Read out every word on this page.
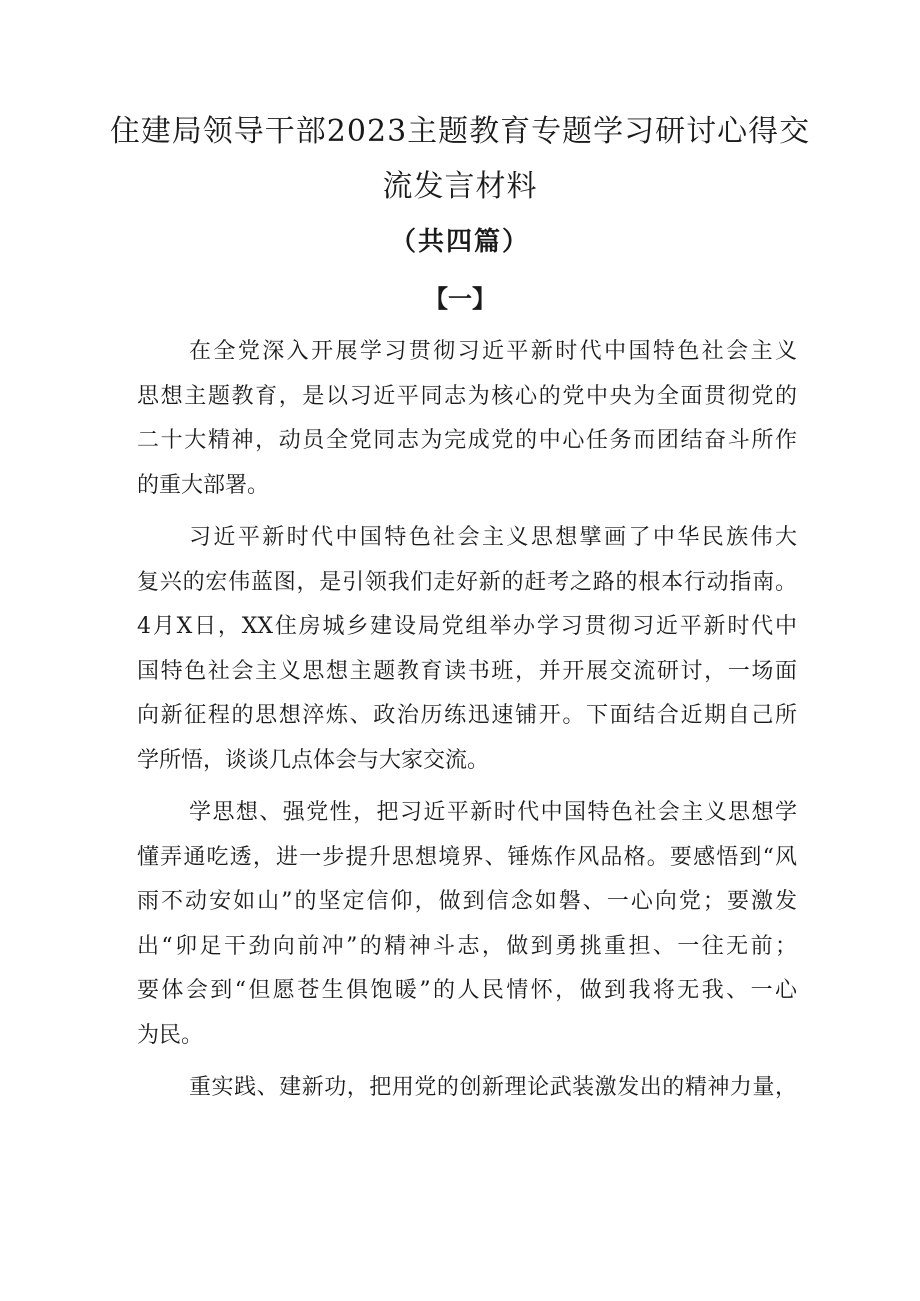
住建局领导干部2023主题教育专题学习研讨心得交
流发言材料
（共四篇）
【一】
在全党深入开展学习贯彻习近平新时代中国特色社会主义
思想主题教育，是以习近平同志为核心的党中央为全面贯彻党的
二十大精神，动员全党同志为完成党的中心任务而团结奋斗所作
的重大部署。
习近平新时代中国特色社会主义思想擘画了中华民族伟大
复兴的宏伟蓝图，是引领我们走好新的赶考之路的根本行动指南。
4月X日，XX住房城乡建设局党组举办学习贯彻习近平新时代中
国特色社会主义思想主题教育读书班，并开展交流研讨，一场面
向新征程的思想淬炼、政治历练迅速铺开。下面结合近期自己所
学所悟，谈谈几点体会与大家交流。
学思想、强党性，把习近平新时代中国特色社会主义思想学
懂弄通吃透，进一步提升思想境界、锤炼作风品格。要感悟到“风
雨不动安如山”的坚定信仰，做到信念如磐、一心向党；要激发
出“卯足干劲向前冲”的精神斗志，做到勇挑重担、一往无前；
要体会到“但愿苍生俱饱暖”的人民情怀，做到我将无我、一心
为民。
重实践、建新功，把用党的创新理论武装激发出的精神力量，
